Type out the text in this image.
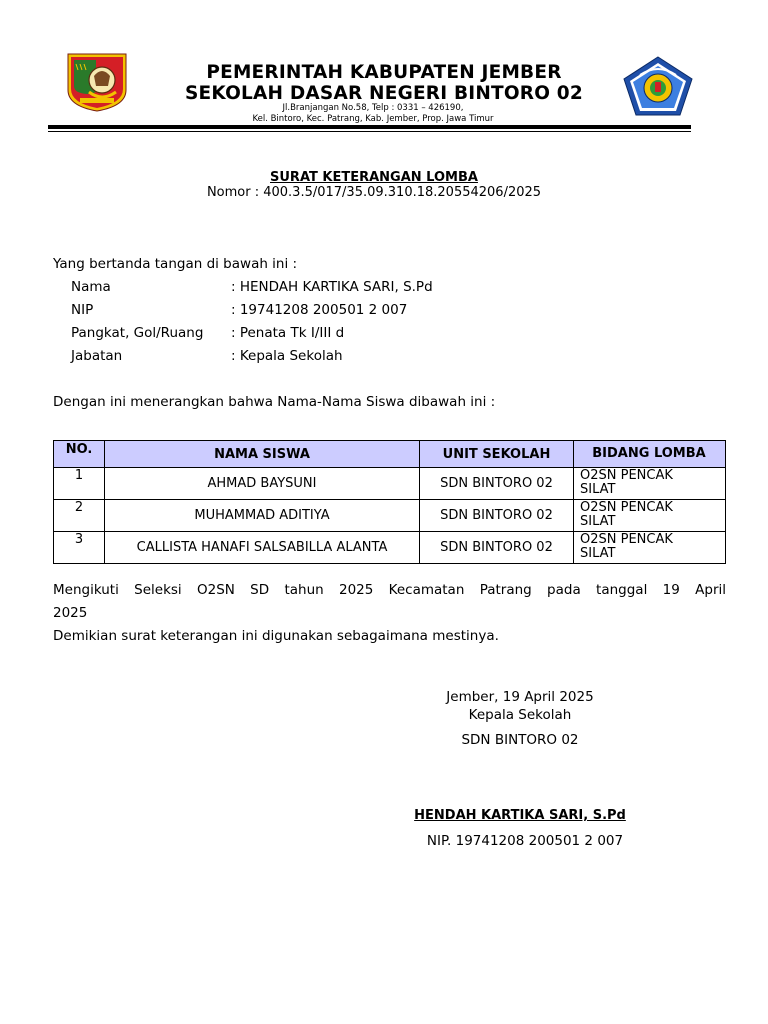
PEMERINTAH KABUPATEN JEMBER
SEKOLAH DASAR NEGERI BINTORO 02
Jl.Branjangan No.58, Telp : 0331 – 426190,
Kel. Bintoro, Kec. Patrang, Kab. Jember, Prop. Jawa Timur
SURAT KETERANGAN LOMBA
Nomor : 400.3.5/017/35.09.310.18.20554206/2025
Yang bertanda tangan di bawah ini :
Nama	: HENDAH KARTIKA SARI, S.Pd
NIP	: 19741208 200501 2 007
Pangkat, Gol/Ruang : Penata Tk I/III d
Jabatan	: Kepala Sekolah
Dengan ini menerangkan bahwa Nama-Nama Siswa dibawah ini :
NO.	NAMA SISWA	UNIT SEKOLAH	BIDANG LOMBA
1	AHMAD BAYSUNI	SDN BINTORO 02	O2SN PENCAK
SILAT

2	MUHAMMAD ADITIYA	SDN BINTORO 02	O2SN PENCAK
SILAT

3	CALLISTA HANAFI SALSABILLA ALANTA	SDN BINTORO 02	O2SN PENCAK
SILAT
Mengikuti Seleksi O2SN SD tahun 2025 Kecamatan Patrang pada tanggal 19 April
2025
Demikian surat keterangan ini digunakan sebagaimana mestinya.
Jember, 19 April 2025
Kepala Sekolah
SDN BINTORO 02
HENDAH KARTIKA SARI, S.Pd
NIP. 19741208 200501 2 007
